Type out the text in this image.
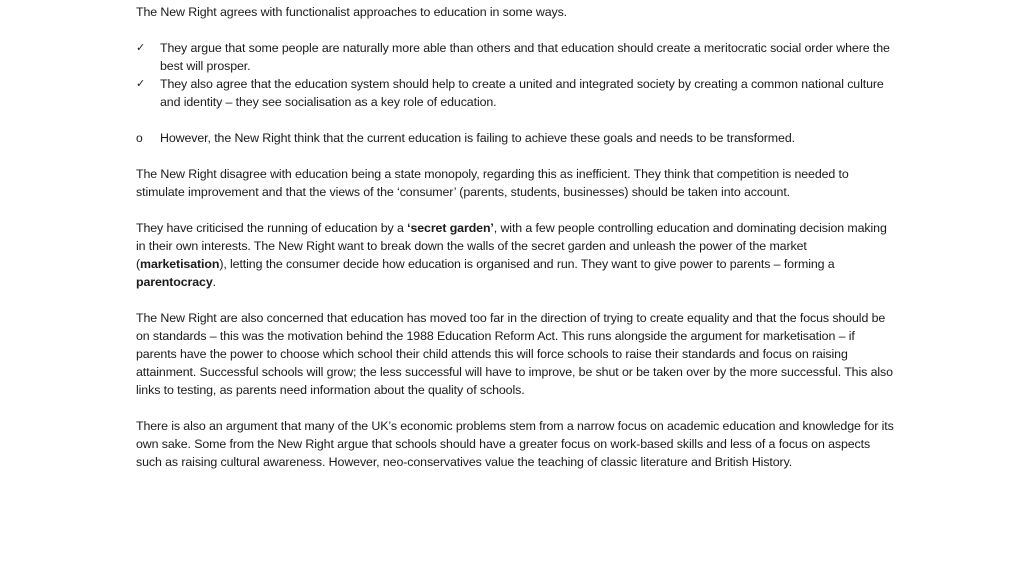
The New Right agrees with functionalist approaches to education in some ways.

✓	They argue that some people are naturally more able than others and that education should create a meritocratic social order where the best will prosper.
✓	They also agree that the education system should help to create a united and integrated society by creating a common national culture and identity – they see socialisation as a key role of education.
o	However, the New Right think that the current education is failing to achieve these goals and needs to be transformed.

The New Right disagree with education being a state monopoly, regarding this as inefficient. They think that competition is needed to stimulate improvement and that the views of the ‘consumer’ (parents, students, businesses) should be taken into account.

They have criticised the running of education by a ‘secret garden’, with a few people controlling education and dominating decision making in their own interests. The New Right want to break down the walls of the secret garden and unleash the power of the market (marketisation), letting the consumer decide how education is organised and run. They want to give power to parents – forming a parentocracy.

The New Right are also concerned that education has moved too far in the direction of trying to create equality and that the focus should be on standards – this was the motivation behind the 1988 Education Reform Act. This runs alongside the argument for marketisation – if parents have the power to choose which school their child attends this will force schools to raise their standards and focus on raising attainment. Successful schools will grow; the less successful will have to improve, be shut or be taken over by the more successful. This also links to testing, as parents need information about the quality of schools.

There is also an argument that many of the UK’s economic problems stem from a narrow focus on academic education and knowledge for its own sake. Some from the New Right argue that schools should have a greater focus on work-based skills and less of a focus on aspects such as raising cultural awareness. However, neo-conservatives value the teaching of classic literature and British History.
